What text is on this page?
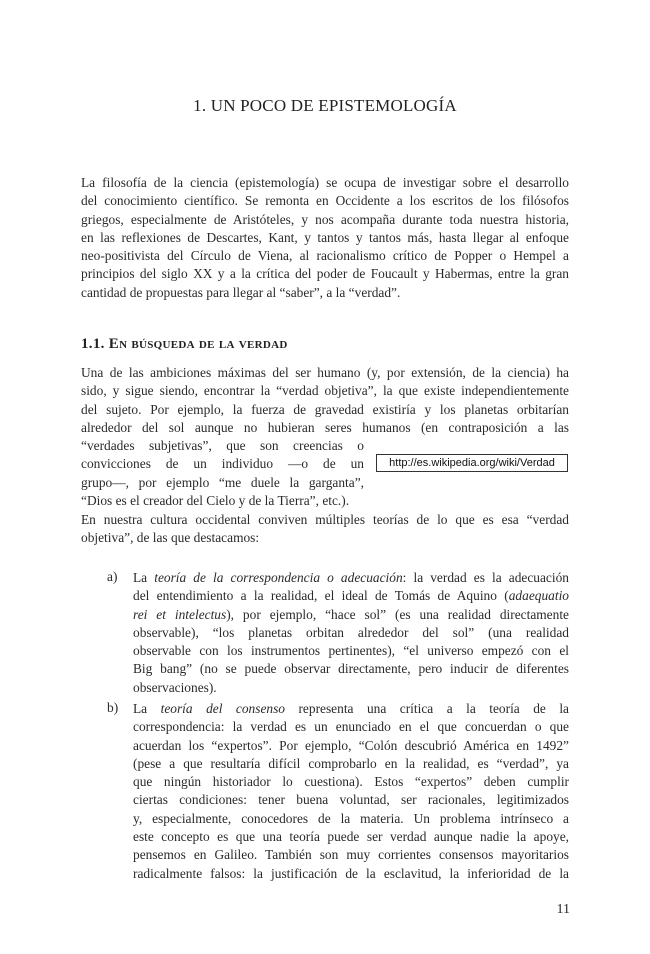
1. UN POCO DE EPISTEMOLOGÍA
La filosofía de la ciencia (epistemología) se ocupa de investigar sobre el desarrollo
del conocimiento científico. Se remonta en Occidente a los escritos de los filósofos
griegos, especialmente de Aristóteles, y nos acompaña durante toda nuestra historia,
en las reflexiones de Descartes, Kant, y tantos y tantos más, hasta llegar al enfoque
neo-positivista del Círculo de Viena, al racionalismo crítico de Popper o Hempel a
principios del siglo XX y a la crítica del poder de Foucault y Habermas, entre la gran
cantidad de propuestas para llegar al “saber”, a la “verdad”.
1.1. En búsqueda de la verdad
Una de las ambiciones máximas del ser humano (y, por extensión, de la ciencia) ha
sido, y sigue siendo, encontrar la “verdad objetiva”, la que existe independientemente
del sujeto. Por ejemplo, la fuerza de gravedad existiría y los planetas orbitarían
alrededor del sol aunque no hubieran seres humanos (en contraposición a las
“verdades subjetivas”, que son creencias o
convicciones de un individuo —o de un
grupo—, por ejemplo “me duele la garganta”,
“Dios es el creador del Cielo y de la Tierra”, etc.).
http://es.wikipedia.org/wiki/Verdad
En nuestra cultura occidental conviven múltiples teorías de lo que es esa “verdad
objetiva”, de las que destacamos:
a) La teoría de la correspondencia o adecuación: la verdad es la adecuación
del entendimiento a la realidad, el ideal de Tomás de Aquino (adaequatio
rei et intelectus), por ejemplo, “hace sol” (es una realidad directamente
observable), “los planetas orbitan alrededor del sol” (una realidad
observable con los instrumentos pertinentes), “el universo empezó con el
Big bang” (no se puede observar directamente, pero inducir de diferentes
observaciones).
b) La teoría del consenso representa una crítica a la teoría de la
correspondencia: la verdad es un enunciado en el que concuerdan o que
acuerdan los “expertos”. Por ejemplo, “Colón descubrió América en 1492”
(pese a que resultaría difícil comprobarlo en la realidad, es “verdad”, ya
que ningún historiador lo cuestiona). Estos “expertos” deben cumplir
ciertas condiciones: tener buena voluntad, ser racionales, legitimizados
y, especialmente, conocedores de la materia. Un problema intrínseco a
este concepto es que una teoría puede ser verdad aunque nadie la apoye,
pensemos en Galileo. También son muy corrientes consensos mayoritarios
radicalmente falsos: la justificación de la esclavitud, la inferioridad de la
11
